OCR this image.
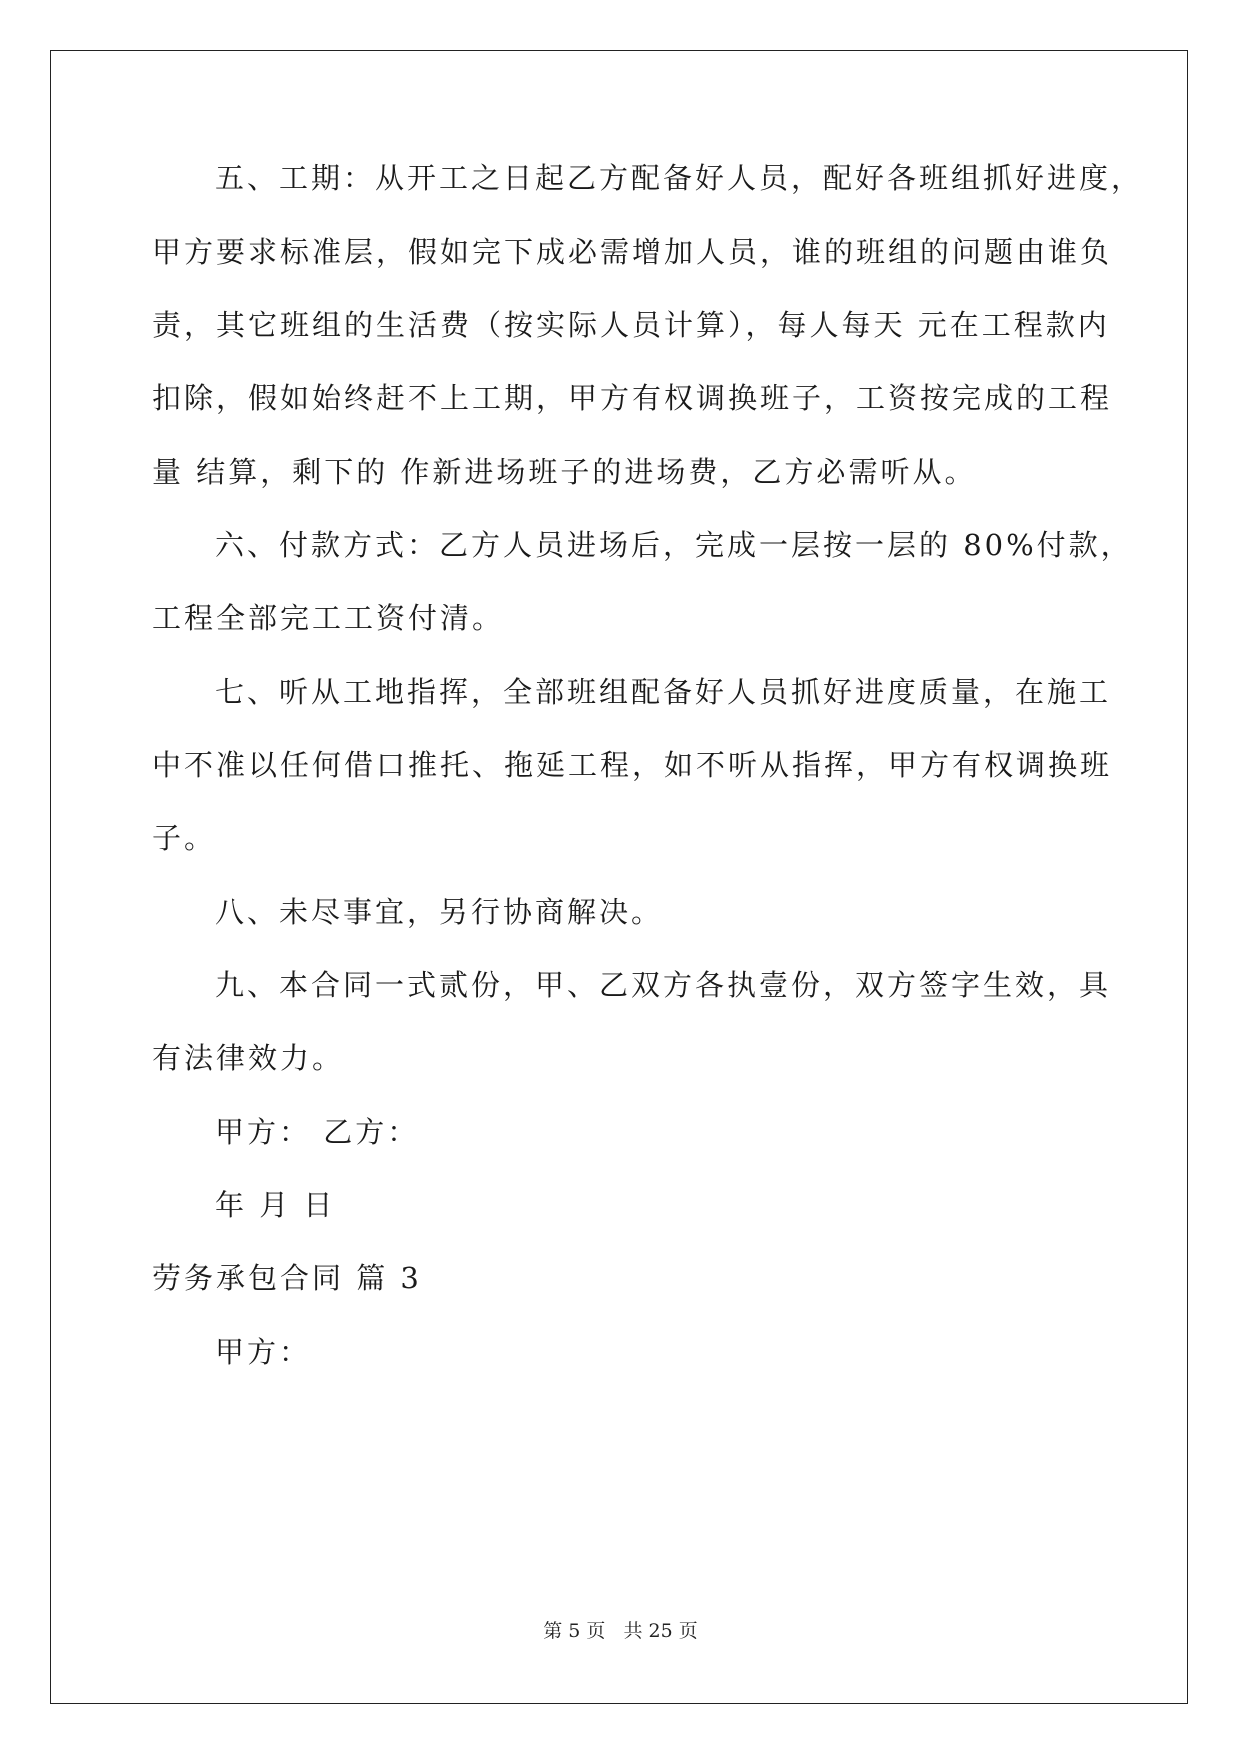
五、工期：从开工之日起乙方配备好人员，配好各班组抓好进度，
甲方要求标准层，假如完下成必需增加人员，谁的班组的问题由谁负
责，其它班组的生活费（按实际人员计算），每人每天 元在工程款内
扣除，假如始终赶不上工期，甲方有权调换班子，工资按完成的工程
量 结算，剩下的 作新进场班子的进场费，乙方必需听从。
六、付款方式：乙方人员进场后，完成一层按一层的 80%付款，
工程全部完工工资付清。
七、听从工地指挥，全部班组配备好人员抓好进度质量，在施工
中不准以任何借口推托、拖延工程，如不听从指挥，甲方有权调换班
子。
八、未尽事宜，另行协商解决。
九、本合同一式贰份，甲、乙双方各执壹份，双方签字生效，具
有法律效力。
甲方： 乙方：
年 月 日
劳务承包合同 篇 3
甲方：
第 5 页   共 25 页
